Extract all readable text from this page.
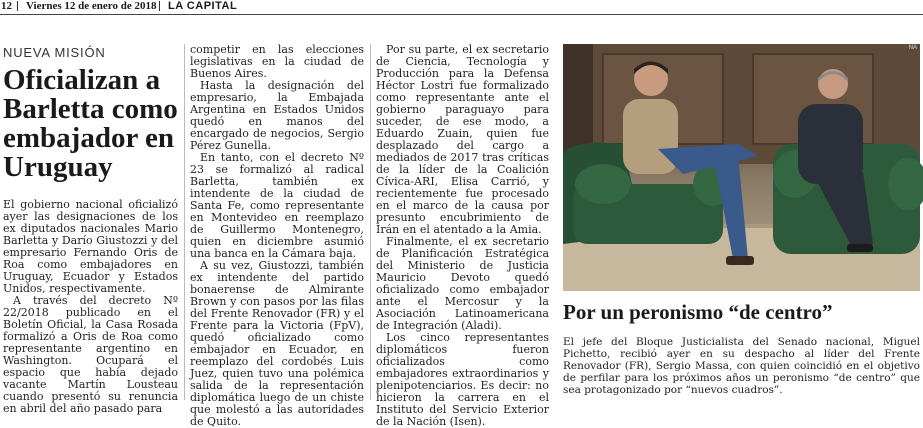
12 Viernes 12 de enero de 2018 LA CAPITAL
NUEVA MISIÓN
Oficializan a Barletta como embajador en Uruguay

El gobierno nacional oficializó ayer las designaciones de los ex diputados nacionales Mario Barletta y Darío Giustozzi y del empresario Fernando Oris de Roa como embajadores en Uruguay, Ecuador y Estados Unidos, respectivamente.

A través del decreto Nº 22/2018 publicado en el Boletín Oficial, la Casa Rosada formalizó a Oris de Roa como representante argentino en Washington. Ocupará el espacio que había dejado vacante Martín Lousteau cuando presentó su renuncia en abril del año pasado para

competir en las elecciones legislativas en la ciudad de Buenos Aires.

Hasta la designación del empresario, la Embajada Argentina en Estados Unidos quedó en manos del encargado de negocios, Sergio Pérez Gunella.

En tanto, con el decreto Nº 23 se formalizó al radical Barletta, también ex intendente de la ciudad de Santa Fe, como representante en Montevideo en reemplazo de Guillermo Montenegro, quien en diciembre asumió una banca en la Cámara baja.

A su vez, Giustozzi, también ex intendente del partido bonaerense de Almirante Brown y con pasos por las filas del Frente Renovador (FR) y el Frente para la Victoria (FpV), quedó oficializado como embajador en Ecuador, en reemplazo del cordobés Luis Juez, quien tuvo una polémica salida de la representación diplomática luego de un chiste que molestó a las autoridades de Quito.

Por su parte, el ex secretario de Ciencia, Tecnología y Producción para la Defensa Héctor Lostri fue formalizado como representante ante el gobierno paraguayo para suceder, de ese modo, a Eduardo Zuain, quien fue desplazado del cargo a mediados de 2017 tras críticas de la líder de la Coalición Cívica-ARI, Elisa Carrió, y recientemente fue procesado en el marco de la causa por presunto encubrimiento de Irán en el atentado a la Amia.

Finalmente, el ex secretario de Planificación Estratégica del Ministerio de Justicia Mauricio Devoto quedó oficializado como embajador ante el Mercosur y la Asociación Latinoamericana de Integración (Aladi).

Los cinco representantes diplomáticos fueron oficializados como embajadores extraordinarios y plenipotenciarios. Es decir: no hicieron la carrera en el Instituto del Servicio Exterior de la Nación (Isen).

NA
Por un peronismo “de centro”
El jefe del Bloque Justicialista del Senado nacional, Miguel Pichetto, recibió ayer en su despacho al líder del Frente Renovador (FR), Sergio Massa, con quien coincidió en el objetivo de perfilar para los próximos años un peronismo “de centro” que sea protagonizado por “nuevos cuadros”.
